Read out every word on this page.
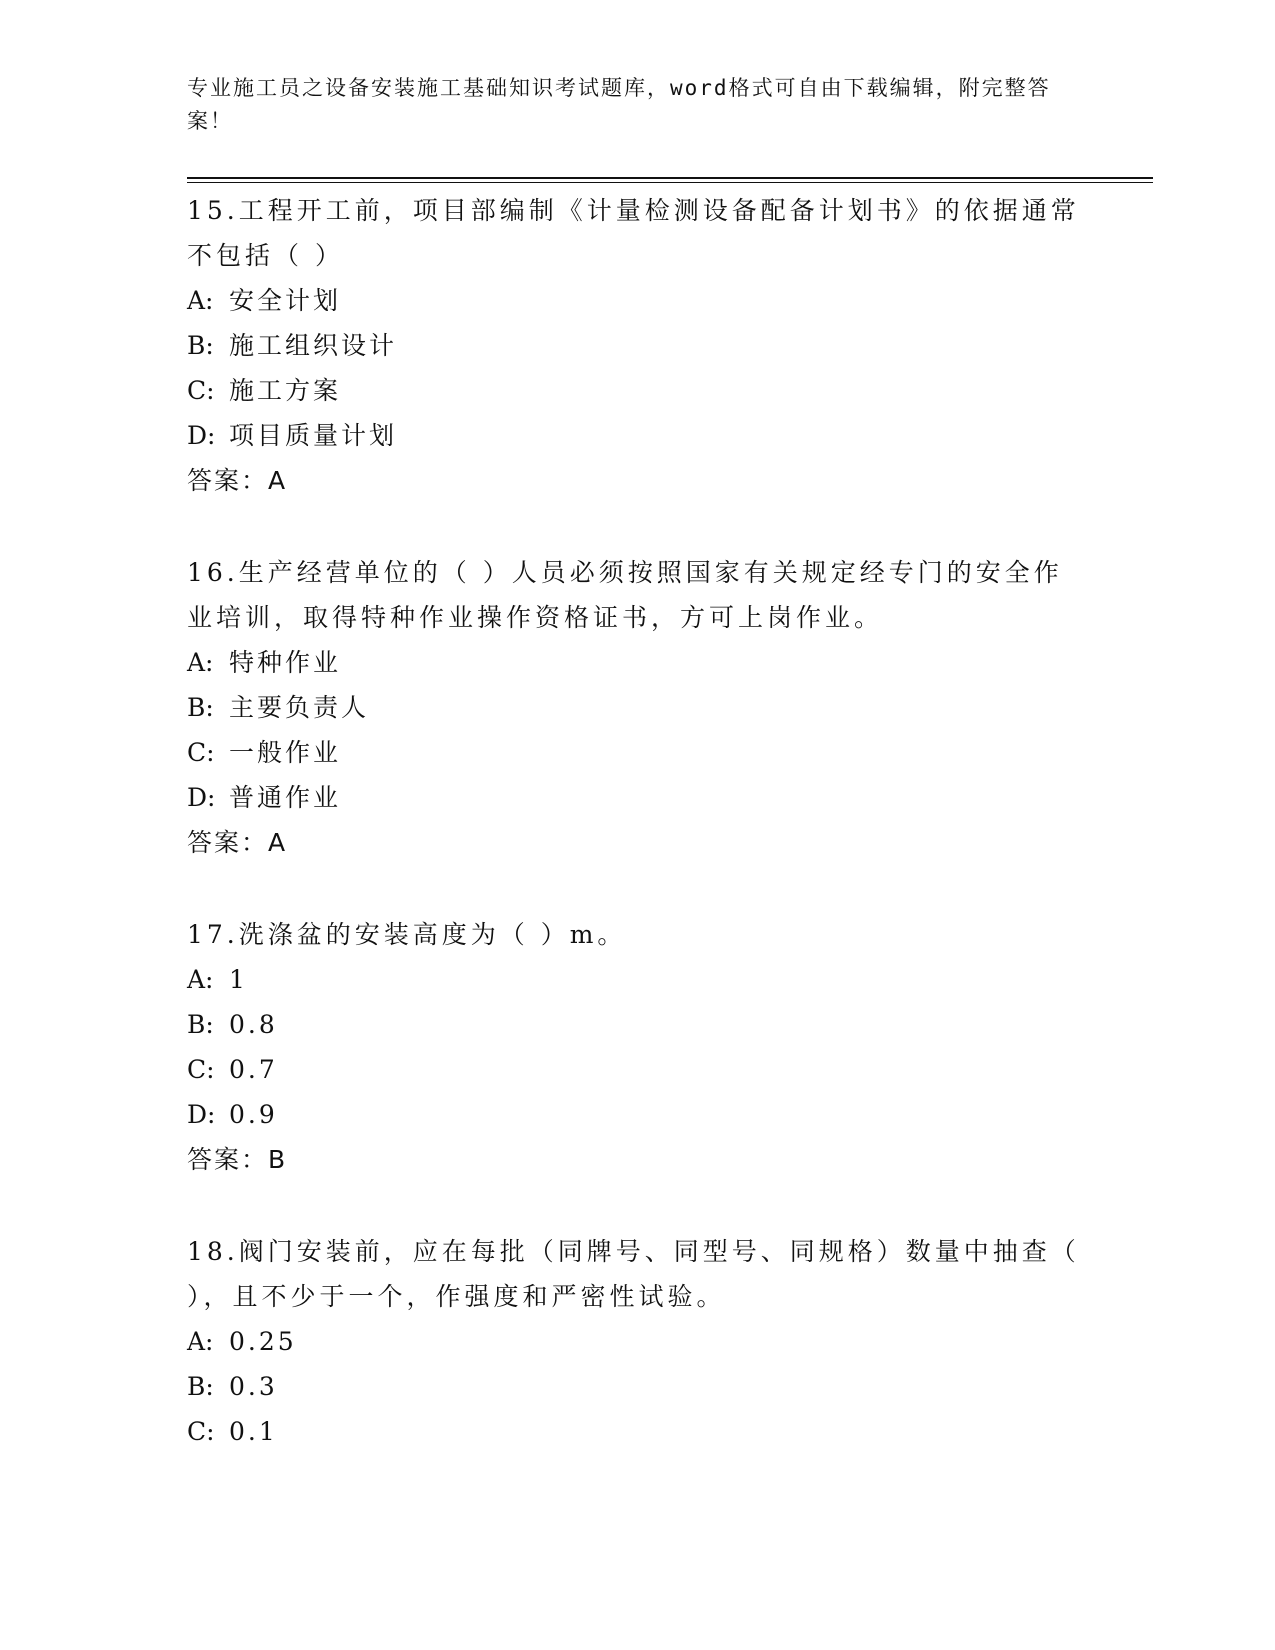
专业施工员之设备安装施工基础知识考试题库，word格式可自由下载编辑，附完整答案！
15.工程开工前，项目部编制《计量检测设备配备计划书》的依据通常不包括（ ）
A: 安全计划
B: 施工组织设计
C: 施工方案
D: 项目质量计划
答案：A
16.生产经营单位的（ ）人员必须按照国家有关规定经专门的安全作业培训，取得特种作业操作资格证书，方可上岗作业。
A: 特种作业
B: 主要负责人
C: 一般作业
D: 普通作业
答案：A
17.洗涤盆的安装高度为（ ）m。
A: 1
B: 0.8
C: 0.7
D: 0.9
答案：B
18.阀门安装前，应在每批（同牌号、同型号、同规格）数量中抽查（ ），且不少于一个，作强度和严密性试验。
A: 0.25
B: 0.3
C: 0.1
